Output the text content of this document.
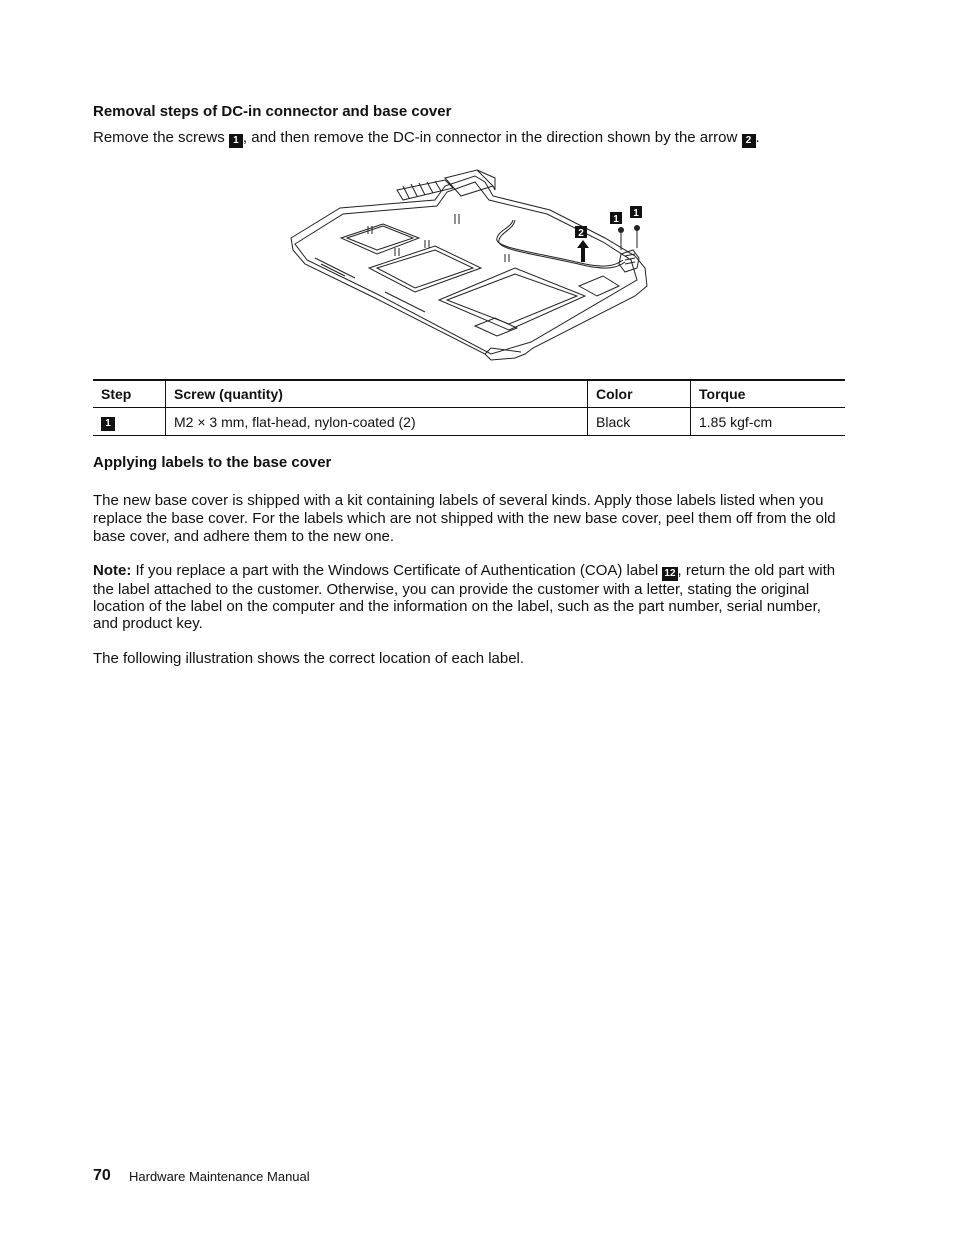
Removal steps of DC-in connector and base cover
Remove the screws 1 , and then remove the DC-in connector in the direction shown by the arrow 2 .
1
1
2
Step	Screw (quantity)	Color	Torque
1	M2 × 3 mm, flat-head, nylon-coated (2)	Black	1.85 kgf-cm
Applying labels to the base cover
The new base cover is shipped with a kit containing labels of several kinds. Apply those labels listed when you replace the base cover. For the labels which are not shipped with the new base cover, peel them off from the old base cover, and adhere them to the new one.
Note: If you replace a part with the Windows Certificate of Authentication (COA) label 12 , return the old part with the label attached to the customer. Otherwise, you can provide the customer with a letter, stating the original location of the label on the computer and the information on the label, such as the part number, serial number, and product key.
The following illustration shows the correct location of each label.
70 Hardware Maintenance Manual
